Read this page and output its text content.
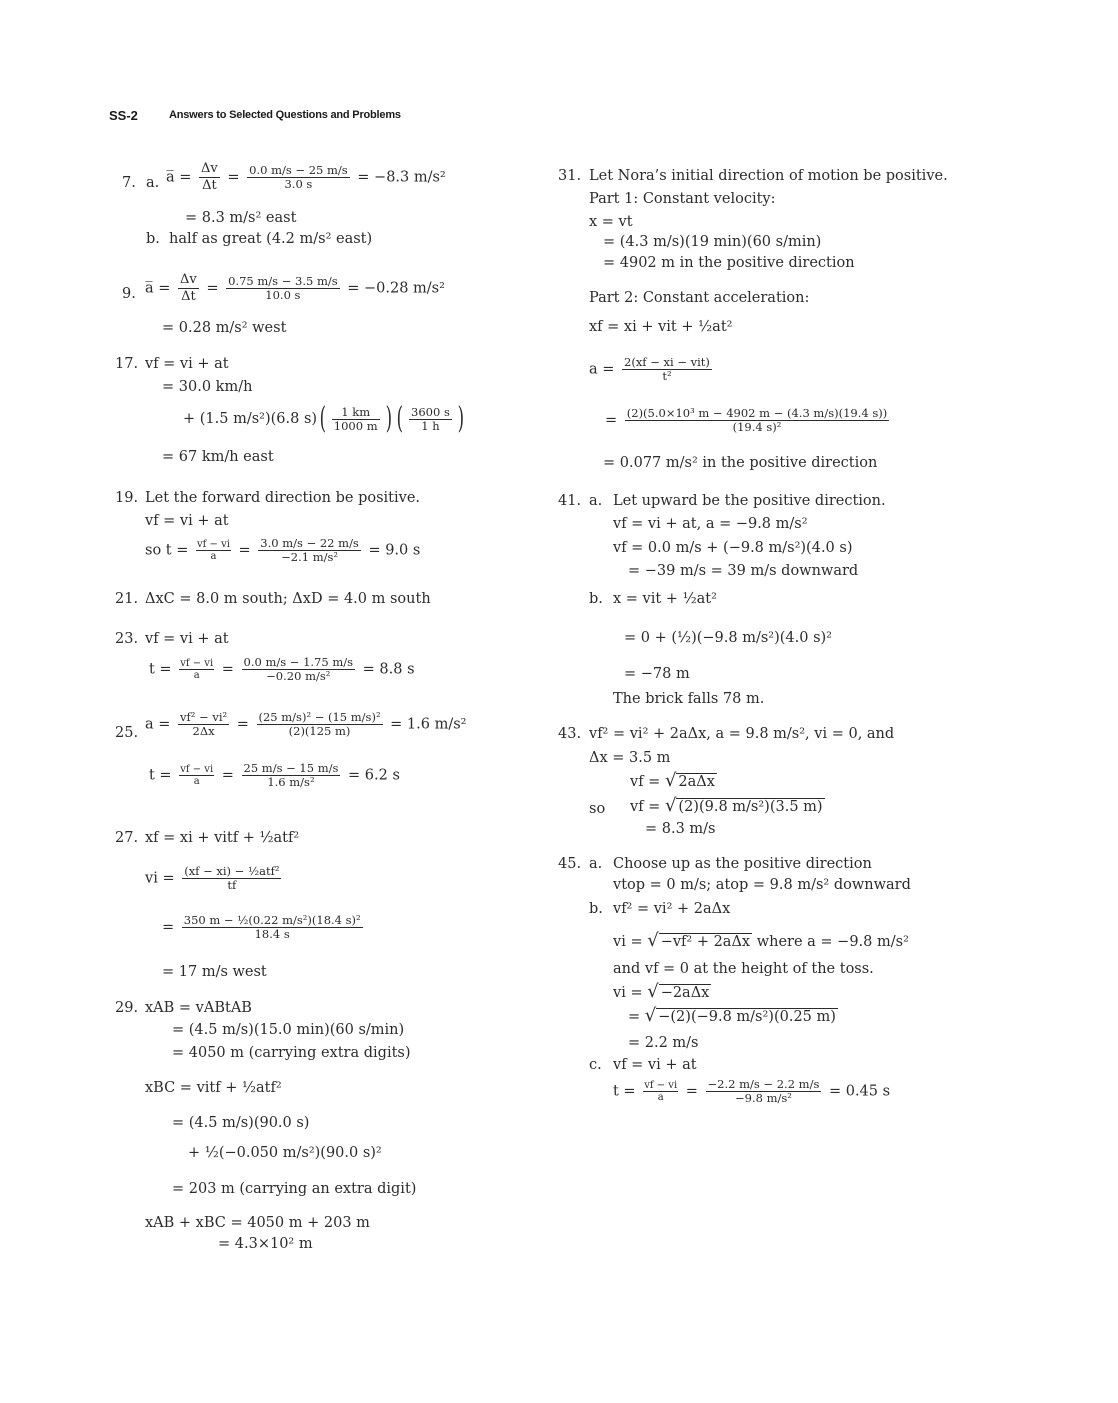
SS-2	Answers to Selected Questions and Problems
7. a. a̅ = $\frac{\Delta v}{\Delta t} = \frac{0.0 m/s - 25 m/s}{3.0 s} = -8.3$ m/s²
= 8.3 m/s² east
b. half as great (4.2 m/s² east)
9. a̅ = $\frac{\Delta v}{\Delta t} = \frac{0.75 m/s - 3.5 m/s}{10.0 s} = -0.28$ m/s²
= 0.28 m/s² west
17. vf = vi + at
= 30.0 km/h
+ (1.5 m/s²)(6.8 $s)( \frac{1 km}{1000 m}$ ) ( $\frac{3600 s}{1 h}$ )
= 67 km/h east
19. Let the forward direction be positive.
vf = vi + at
so $t = \frac{vf - vi}{a} = \frac{3.0 m/s - 22 m/s}{\text{−2.1 m/s²}} = 9.0$ s
21. ΔxC = 8.0 m south; ΔxD = 4.0 m south
23. vf = vi + at
$t = \frac{vf - vi}{a} = \frac{0.0 m/s - 1.75 m/s}{\text{−0.20 m/s²}} = 8.8$ s
25.
$a = \frac{\text{vf² − vi²}}{2\Delta x} = \frac{\text{(25 m/s)² − (15 m/s)²}}{(2)(125 m)} = 1.6$ m/s²
$t = \frac{vf - vi}{a} = \frac{25 m/s - 15 m/s}{\text{1.6 m/s²}} = 6.2$ s
27. xf = xi + vitf + ½atf²
vi = $\frac{\text{(xf − xi) − ½atf²}}{tf}$
= $\frac{\text{350 m − ½(0.22 m/s²)(18.4 s)²}}{18.4 s}$
= 17 m/s west
29. xAB = vABtAB
= (4.5 m/s)(15.0 min)(60 s/min)
= 4050 m (carrying extra digits)
xBC = vitf + ½atf²
= (4.5 m/s)(90.0 s)
+ ½(−0.050 m/s²)(90.0 s)²
= 203 m (carrying an extra digit)
xAB + xBC = 4050 m + 203 m
= 4.3×10² m
31. Let Nora’s initial direction of motion be positive.
Part 1: Constant velocity:
x = vt
= (4.3 m/s)(19 min)(60 s/min)
= 4902 m in the positive direction
Part 2: Constant acceleration:
xf = xi + vit + ½at²
$a = \frac{\text{2(xf − xi − vit)}}{\text{t²}}$
= $\frac{\text{(2)(5.0×10³ m − 4902 m − (4.3 m/s)(19.4 s))}}{\text{(19.4 s)²}}$
= 0.077 m/s² in the positive direction
41. a. Let upward be the positive direction.
vf = vi + at, a = −9.8 m/s²
vf = 0.0 m/s + (−9.8 m/s²)(4.0 s)
= −39 m/s = 39 m/s downward
b. x = vit + ½at²
= 0 + (½)(−9.8 m/s²)(4.0 s)²
= −78 m
The brick falls 78 m.
43. vf² = vi² + 2aΔx, a = 9.8 m/s², vi = 0, and
Δx = 3.5 m
vf = √ 2aΔx
so vf = √ (2)(9.8 m/s²)(3.5 m)
= 8.3 m/s
45. a. Choose up as the positive direction
vtop = 0 m/s; atop = 9.8 m/s² downward
b. vf² = vi² + 2aΔx
vi = √ −vf² + 2aΔx where a = −9.8 m/s²
and vf = 0 at the height of the toss.
vi = √ −2aΔx
= √ −(2)(−9.8 m/s²)(0.25 m)
= 2.2 m/s
c. vf = vi + at
$t = \frac{vf - vi}{a} = \frac{-2.2 m/s - 2.2 m/s}{\text{−9.8 m/s²}} = 0.45$ s
